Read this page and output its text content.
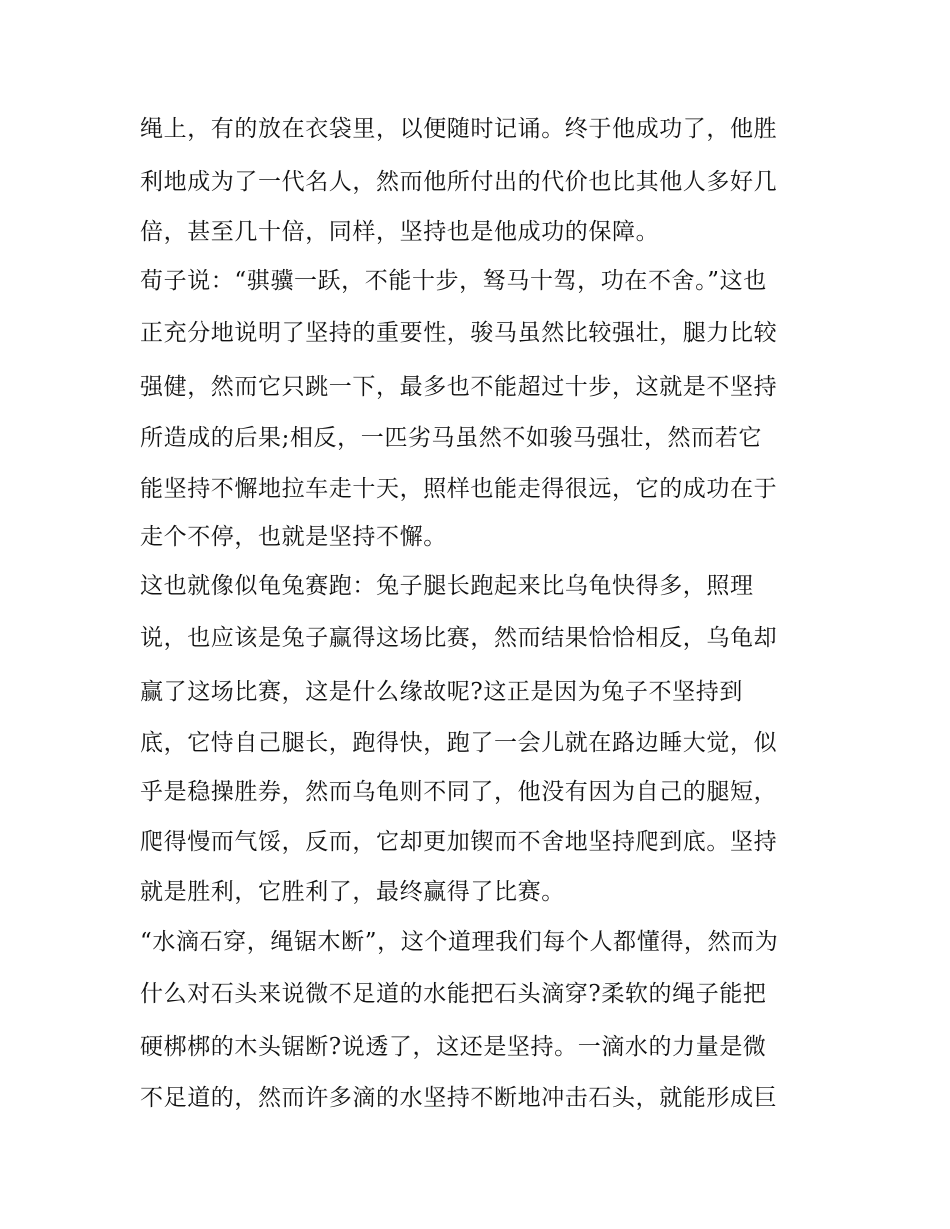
绳上，有的放在衣袋里，以便随时记诵。终于他成功了，他胜
利地成为了一代名人，然而他所付出的代价也比其他人多好几
倍，甚至几十倍，同样，坚持也是他成功的保障。
荀子说：“骐骥一跃，不能十步，驽马十驾，功在不舍。”这也
正充分地说明了坚持的重要性，骏马虽然比较强壮，腿力比较
强健，然而它只跳一下，最多也不能超过十步，这就是不坚持
所造成的后果;相反，一匹劣马虽然不如骏马强壮，然而若它
能坚持不懈地拉车走十天，照样也能走得很远，它的成功在于
走个不停，也就是坚持不懈。
这也就像似龟兔赛跑：兔子腿长跑起来比乌龟快得多，照理
说，也应该是兔子赢得这场比赛，然而结果恰恰相反，乌龟却
赢了这场比赛，这是什么缘故呢?这正是因为兔子不坚持到
底，它恃自己腿长，跑得快，跑了一会儿就在路边睡大觉，似
乎是稳操胜券，然而乌龟则不同了，他没有因为自己的腿短，
爬得慢而气馁，反而，它却更加锲而不舍地坚持爬到底。坚持
就是胜利，它胜利了，最终赢得了比赛。
“水滴石穿，绳锯木断”，这个道理我们每个人都懂得，然而为
什么对石头来说微不足道的水能把石头滴穿?柔软的绳子能把
硬梆梆的木头锯断?说透了，这还是坚持。一滴水的力量是微
不足道的，然而许多滴的水坚持不断地冲击石头，就能形成巨
